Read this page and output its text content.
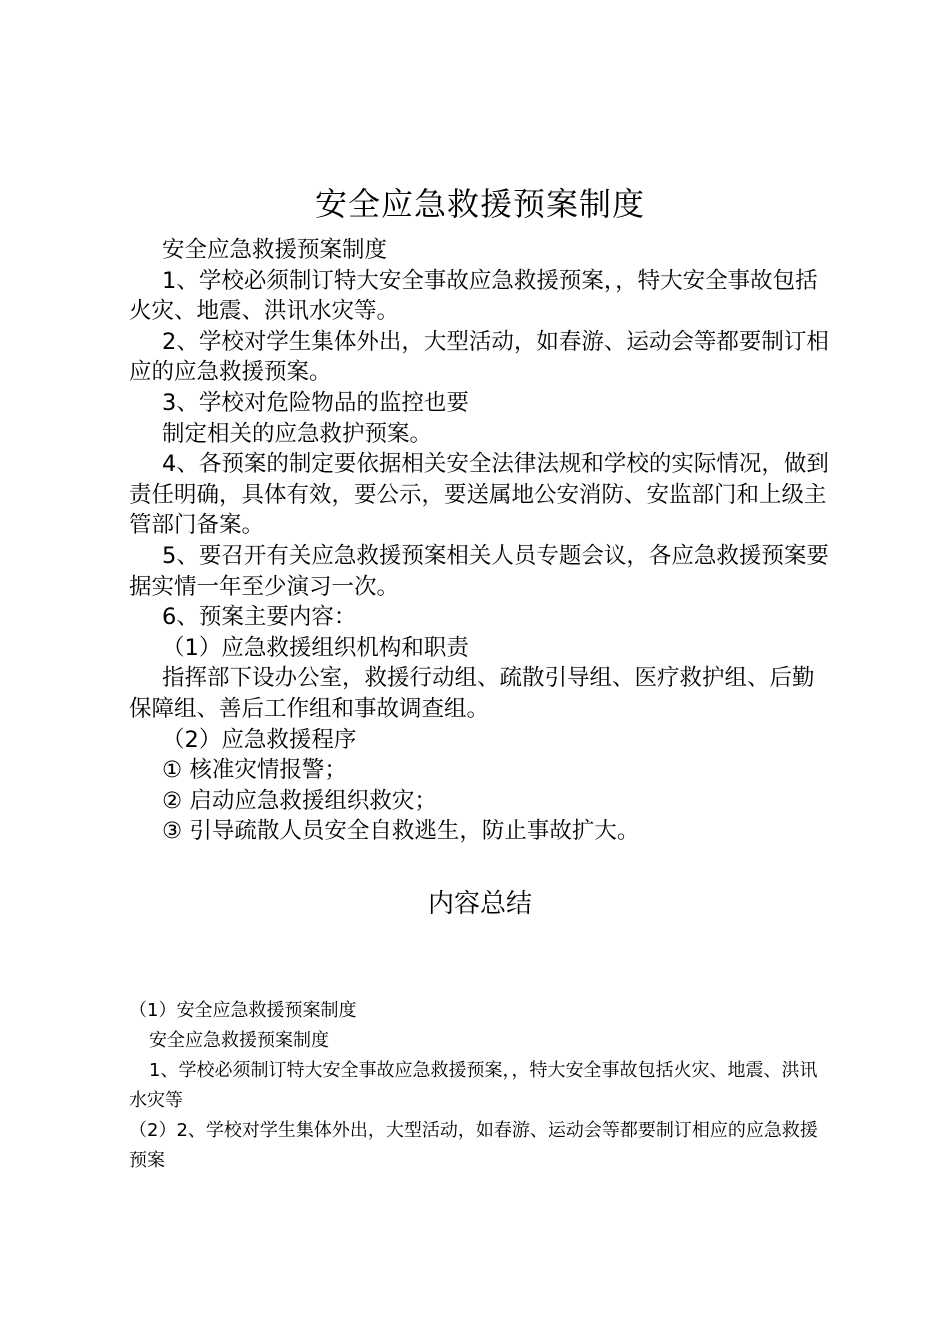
安全应急救援预案制度

安全应急救援预案制度

1、学校必须制订特大安全事故应急救援预案，，特大安全事故包括火灾、地震、洪讯水灾等。

2、学校对学生集体外出，大型活动，如春游、运动会等都要制订相应的应急救援预案。

3、学校对危险物品的监控也要

制定相关的应急救护预案。

4、各预案的制定要依据相关安全法律法规和学校的实际情况，做到责任明确，具体有效，要公示，要送属地公安消防、安监部门和上级主管部门备案。

5、要召开有关应急救援预案相关人员专题会议，各应急救援预案要据实情一年至少演习一次。

6、预案主要内容：

（1）应急救援组织机构和职责

指挥部下设办公室，救援行动组、疏散引导组、医疗救护组、后勤保障组、善后工作组和事故调查组。

（2）应急救援程序

① 核准灾情报警；

② 启动应急救援组织救灾；

③ 引导疏散人员安全自救逃生，防止事故扩大。

内容总结

（1）安全应急救援预案制度

安全应急救援预案制度

1、学校必须制订特大安全事故应急救援预案，，特大安全事故包括火灾、地震、洪讯水灾等

（2）2、学校对学生集体外出，大型活动，如春游、运动会等都要制订相应的应急救援预案
